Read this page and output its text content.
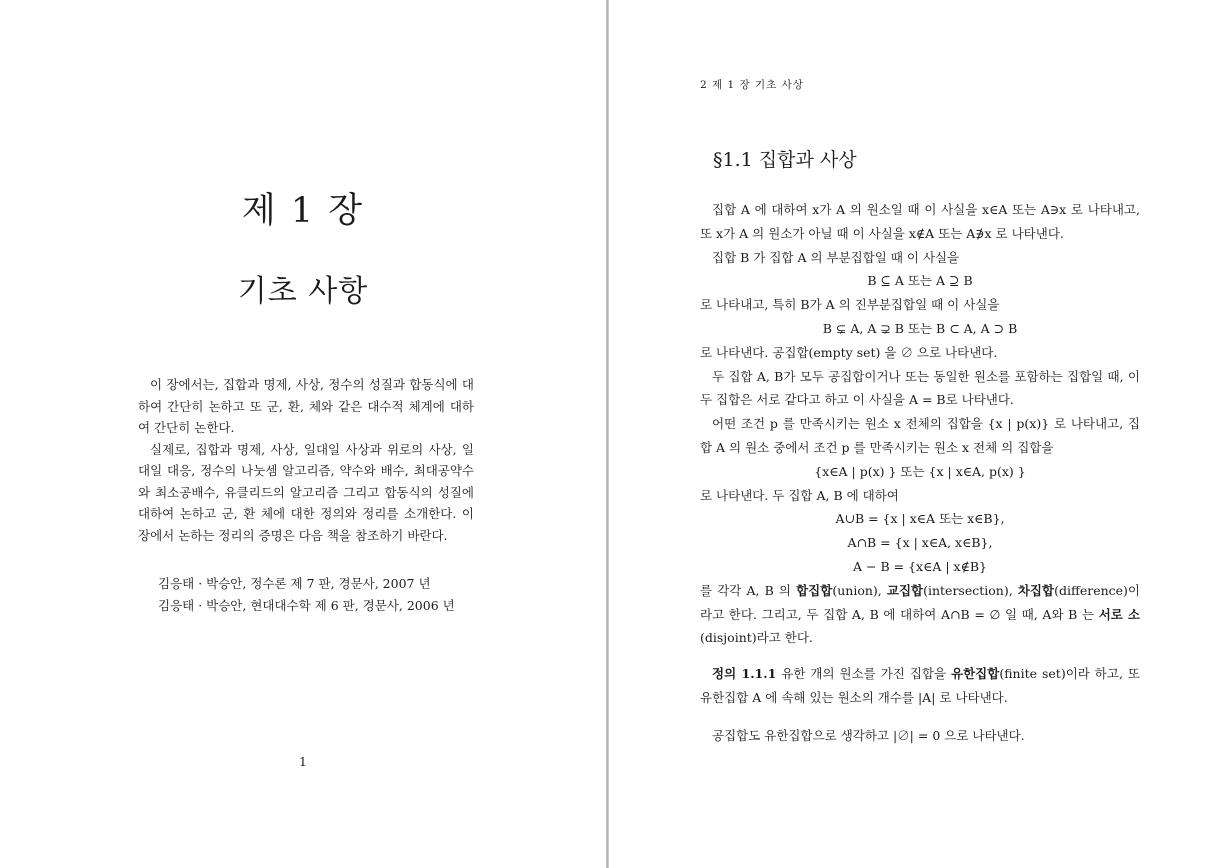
제 1 장
기초 사항

이 장에서는, 집합과 명제, 사상, 정수의 성질과 합동식에 대하여 간단히 논하고 또 군, 환, 체와 같은 대수적 체계에 대하여 간단히 논한다.

실제로, 집합과 명제, 사상, 일대일 사상과 위로의 사상, 일대일 대응, 정수의 나눗셈 알고리즘, 약수와 배수, 최대공약수와 최소공배수, 유클리드의 알고리즘 그리고 합동식의 성질에 대하여 논하고 군, 환 체에 대한 정의와 정리를 소개한다. 이 장에서 논하는 정리의 증명은 다음 책을 참조하기 바란다.

김응태 · 박승안, 정수론 제 7 판, 경문사, 2007 년
김응태 · 박승안, 현대대수학 제 6 판, 경문사, 2006 년
1
2 제 1 장 기초 사상
§1.1 집합과 사상

집합 A 에 대하여 x가 A 의 원소일 때 이 사실을 x∈A 또는 A∋x 로 나타내고, 또 x가 A 의 원소가 아닐 때 이 사실을 x∉A 또는 A∌x 로 나타낸다.

집합 B 가 집합 A 의 부분집합일 때 이 사실을

B ⊆ A 또는 A ⊇ B

로 나타내고, 특히 B가 A 의 진부분집합일 때 이 사실을

B ⊊ A, A ⊋ B 또는 B ⊂ A, A ⊃ B

로 나타낸다. 공집합(empty set) 을 ∅ 으로 나타낸다.

두 집합 A, B가 모두 공집합이거나 또는 동일한 원소를 포함하는 집합일 때, 이 두 집합은 서로 같다고 하고 이 사실을 A = B로 나타낸다.

어떤 조건 p 를 만족시키는 원소 x 전체의 집합을 {x | p(x)} 로 나타내고, 집합 A 의 원소 중에서 조건 p 를 만족시키는 원소 x 전체 의 집합을

{x∈A | p(x) } 또는 {x | x∈A, p(x) }

로 나타낸다. 두 집합 A, B 에 대하여

A∪B = {x | x∈A 또는 x∈B},

A∩B = {x | x∈A, x∈B},

A − B = {x∈A | x∉B}

를 각각 A, B 의 합집합(union), 교집합(intersection), 차집합(difference)이라고 한다. 그리고, 두 집합 A, B 에 대하여 A∩B = ∅ 일 때, A와 B 는 서로 소(disjoint)라고 한다.

정의 1.1.1 유한 개의 원소를 가진 집합을 유한집합(finite set)이라 하고, 또 유한집합 A 에 속해 있는 원소의 개수를 |A| 로 나타낸다.

공집합도 유한집합으로 생각하고 |∅| = 0 으로 나타낸다.
